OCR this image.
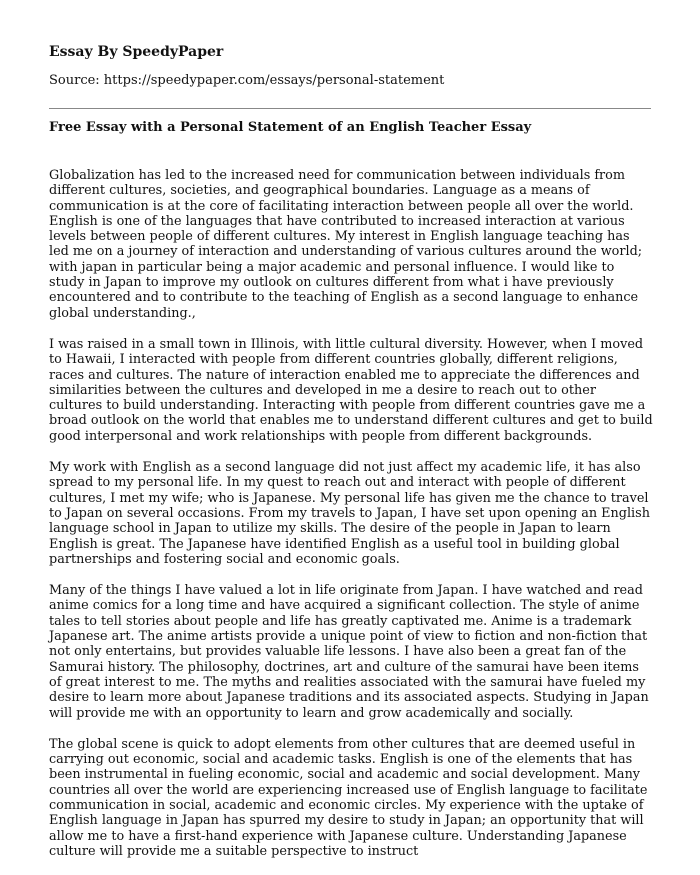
Essay By SpeedyPaper

Source: https://speedypaper.com/essays/personal-statement

Free Essay with a Personal Statement of an English Teacher Essay

Globalization has led to the increased need for communication between individuals from different cultures, societies, and geographical boundaries. Language as a means of communication is at the core of facilitating interaction between people all over the world. English is one of the languages that have contributed to increased interaction at various levels between people of different cultures. My interest in English language teaching has led me on a journey of interaction and understanding of various cultures around the world; with japan in particular being a major academic and personal influence. I would like to study in Japan to improve my outlook on cultures different from what i have previously encountered and to contribute to the teaching of English as a second language to enhance global understanding.,

I was raised in a small town in Illinois, with little cultural diversity. However, when I moved to Hawaii, I interacted with people from different countries globally, different religions, races and cultures. The nature of interaction enabled me to appreciate the differences and similarities between the cultures and developed in me a desire to reach out to other cultures to build understanding. Interacting with people from different countries gave me a broad outlook on the world that enables me to understand different cultures and get to build good interpersonal and work relationships with people from different backgrounds.

My work with English as a second language did not just affect my academic life, it has also spread to my personal life. In my quest to reach out and interact with people of different cultures, I met my wife; who is Japanese. My personal life has given me the chance to travel to Japan on several occasions. From my travels to Japan, I have set upon opening an English language school in Japan to utilize my skills. The desire of the people in Japan to learn English is great. The Japanese have identified English as a useful tool in building global partnerships and fostering social and economic goals.

Many of the things I have valued a lot in life originate from Japan. I have watched and read anime comics for a long time and have acquired a significant collection. The style of anime tales to tell stories about people and life has greatly captivated me. Anime is a trademark Japanese art. The anime artists provide a unique point of view to fiction and non-fiction that not only entertains, but provides valuable life lessons. I have also been a great fan of the Samurai history. The philosophy, doctrines, art and culture of the samurai have been items of great interest to me. The myths and realities associated with the samurai have fueled my desire to learn more about Japanese traditions and its associated aspects. Studying in Japan will provide me with an opportunity to learn and grow academically and socially.

The global scene is quick to adopt elements from other cultures that are deemed useful in carrying out economic, social and academic tasks. English is one of the elements that has been instrumental in fueling economic, social and academic and social development. Many countries all over the world are experiencing increased use of English language to facilitate communication in social, academic and economic circles. My experience with the uptake of English language in Japan has spurred my desire to study in Japan; an opportunity that will allow me to have a first-hand experience with Japanese culture. Understanding Japanese culture will provide me a suitable perspective to instruct
